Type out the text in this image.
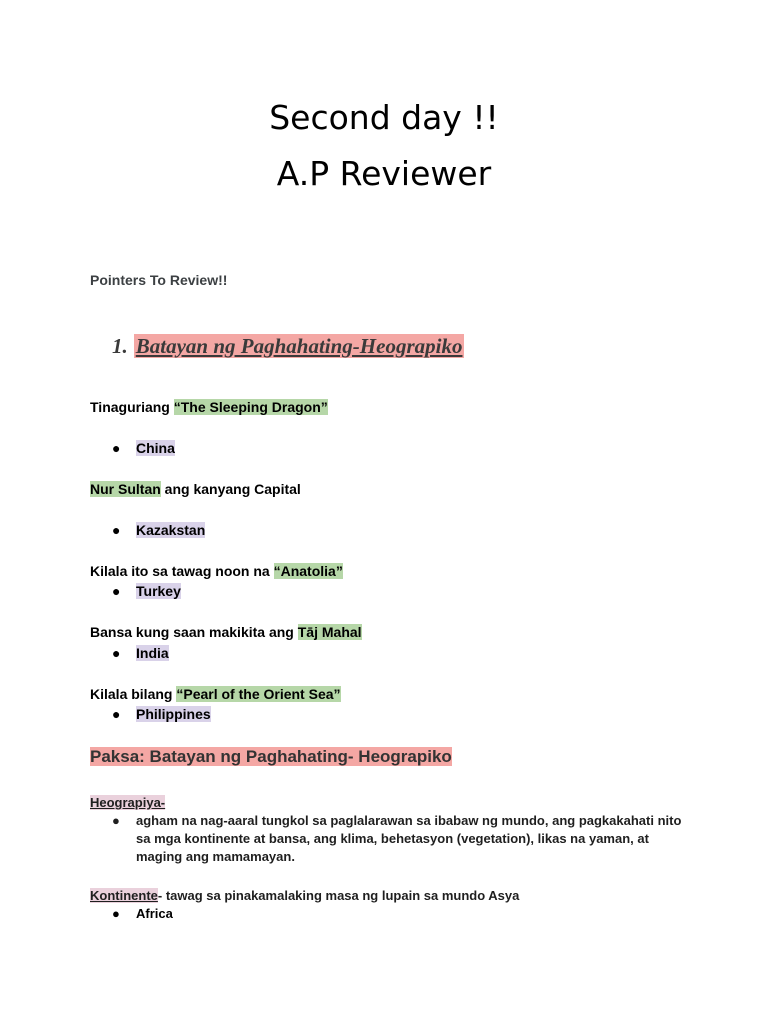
Second day !!
A.P Reviewer
Pointers To Review!!
1. Batayan ng Paghahating-Heograpiko
Tinaguriang “The Sleeping Dragon”
● China
Nur Sultan ang kanyang Capital
● Kazakstan
Kilala ito sa tawag noon na “Anatolia”
● Turkey
Bansa kung saan makikita ang Tāj Mahal
● India
Kilala bilang “Pearl of the Orient Sea”
● Philippines
Paksa: Batayan ng Paghahating- Heograpiko
Heograpiya-
● agham na nag-aaral tungkol sa paglalarawan sa ibabaw ng mundo, ang pagkakahati nito sa mga kontinente at bansa, ang klima, behetasyon (vegetation), likas na yaman, at maging ang mamamayan.
Kontinente- tawag sa pinakamalaking masa ng lupain sa mundo Asya
● Africa
